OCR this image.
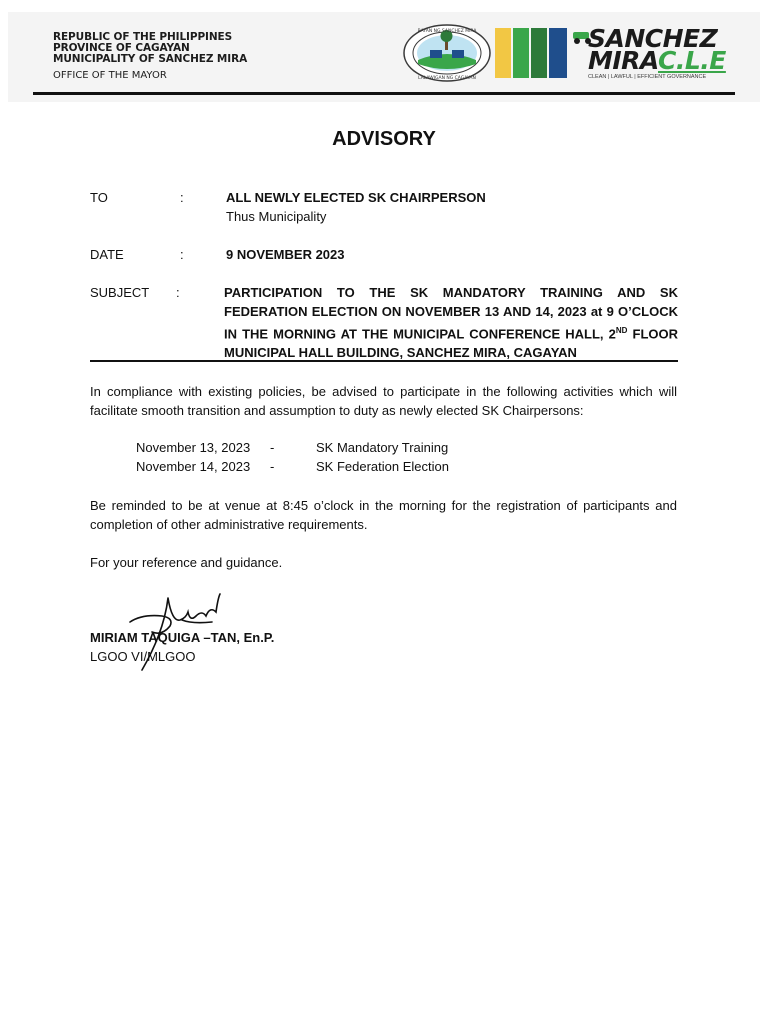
REPUBLIC OF THE PHILIPPINES
PROVINCE OF CAGAYAN
MUNICIPALITY OF SANCHEZ MIRA
OFFICE OF THE MAYOR
BAYAN NG SANCHEZ MIRA
LALAWIGAN NG CAGAYAN
SANCHEZ
MIRAC.L.E
CLEAN | LAWFUL | EFFICIENT GOVERNANCE
ADVISORY
TO	:	ALL NEWLY ELECTED SK CHAIRPERSON
Thus Municipality
DATE	:	9 NOVEMBER 2023
SUBJECT :	PARTICIPATION TO THE SK MANDATORY TRAINING AND SK FEDERATION ELECTION ON NOVEMBER 13 AND 14, 2023 at 9 O’CLOCK IN THE MORNING AT THE MUNICIPAL CONFERENCE HALL, 2ND FLOOR MUNICIPAL HALL BUILDING, SANCHEZ MIRA, CAGAYAN
In compliance with existing policies, be advised to participate in the following activities which will facilitate smooth transition and assumption to duty as newly elected SK Chairpersons:
November 13, 2023 -	SK Mandatory Training
November 14, 2023 -	SK Federation Election
Be reminded to be at venue at 8:45 o’clock in the morning for the registration of participants and completion of other administrative requirements.
For your reference and guidance.
MIRIAM TAQUIGA –TAN, En.P.
LGOO VI/MLGOO
